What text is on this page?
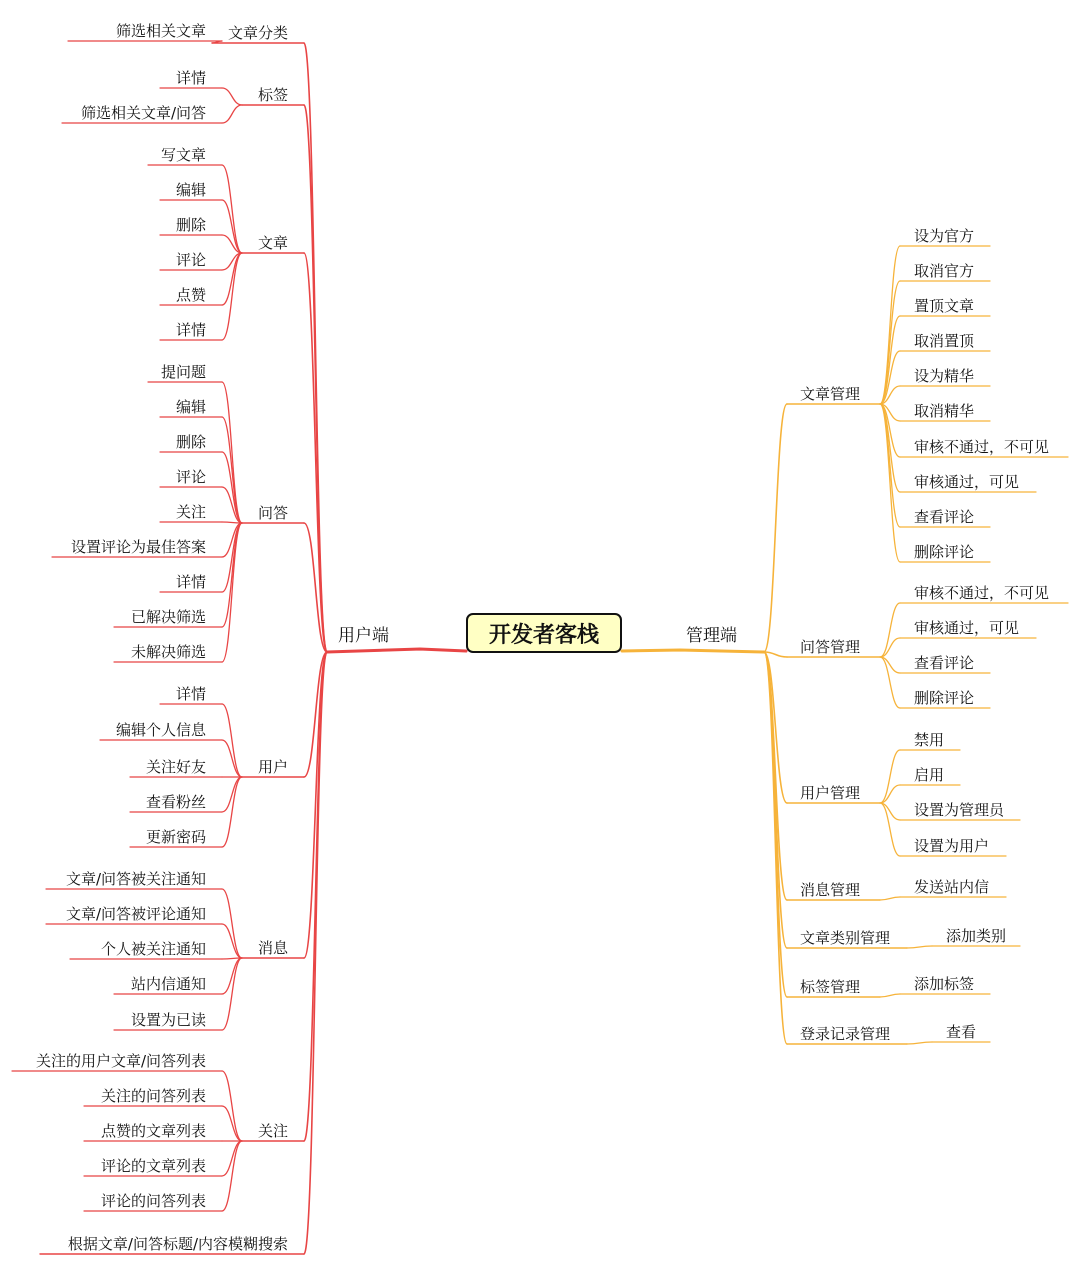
开发者客栈
用户端
文章分类
筛选相关文章
标签
详情
筛选相关文章/问答
文章
写文章
编辑
删除
评论
点赞
详情
问答
提问题
编辑
删除
评论
关注
设置评论为最佳答案
详情
已解决筛选
未解决筛选
用户
详情
编辑个人信息
关注好友
查看粉丝
更新密码
消息
文章/问答被关注通知
文章/问答被评论通知
个人被关注通知
站内信通知
设置为已读
关注
关注的用户文章/问答列表
关注的问答列表
点赞的文章列表
评论的文章列表
评论的问答列表
根据文章/问答标题/内容模糊搜索
管理端
文章管理
设为官方
取消官方
置顶文章
取消置顶
设为精华
取消精华
审核不通过，不可见
审核通过，可见
查看评论
删除评论
问答管理
审核不通过，不可见
审核通过，可见
查看评论
删除评论
用户管理
禁用
启用
设置为管理员
设置为用户
消息管理	发送站内信
文章类别管理	添加类别
标签管理	添加标签
登录记录管理	查看
